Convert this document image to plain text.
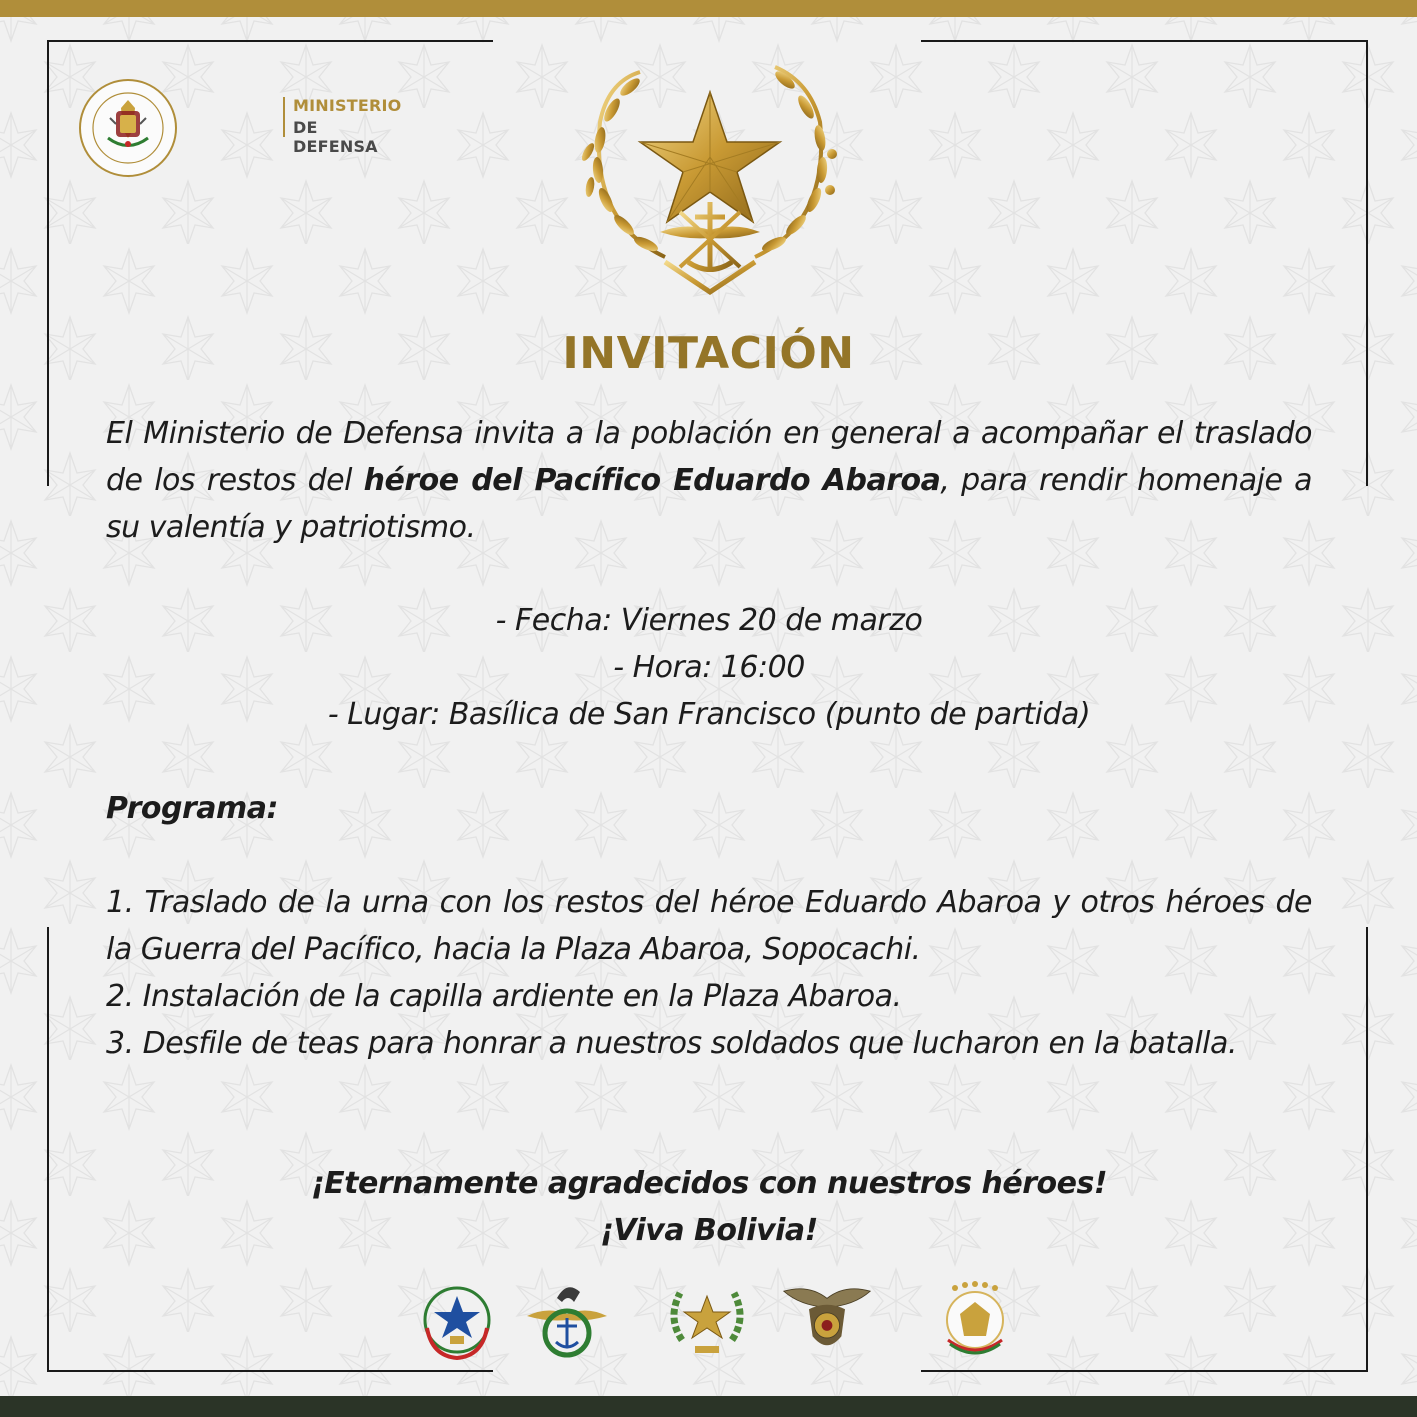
MINISTERIO
DE DEFENSA
INVITACIÓN
El Ministerio de Defensa invita a la población en general a acompañar el traslado de los restos del héroe del Pacífico Eduardo Abaroa, para rendir homenaje a su valentía y patriotismo.
- Fecha: Viernes 20 de marzo
- Hora: 16:00
- Lugar: Basílica de San Francisco (punto de partida)
Programa:
1. Traslado de la urna con los restos del héroe Eduardo Abaroa y otros héroes de la Guerra del Pacífico, hacia la Plaza Abaroa, Sopocachi.
2. Instalación de la capilla ardiente en la Plaza Abaroa.
3. Desfile de teas para honrar a nuestros soldados que lucharon en la batalla.
¡Eternamente agradecidos con nuestros héroes!
¡Viva Bolivia!
